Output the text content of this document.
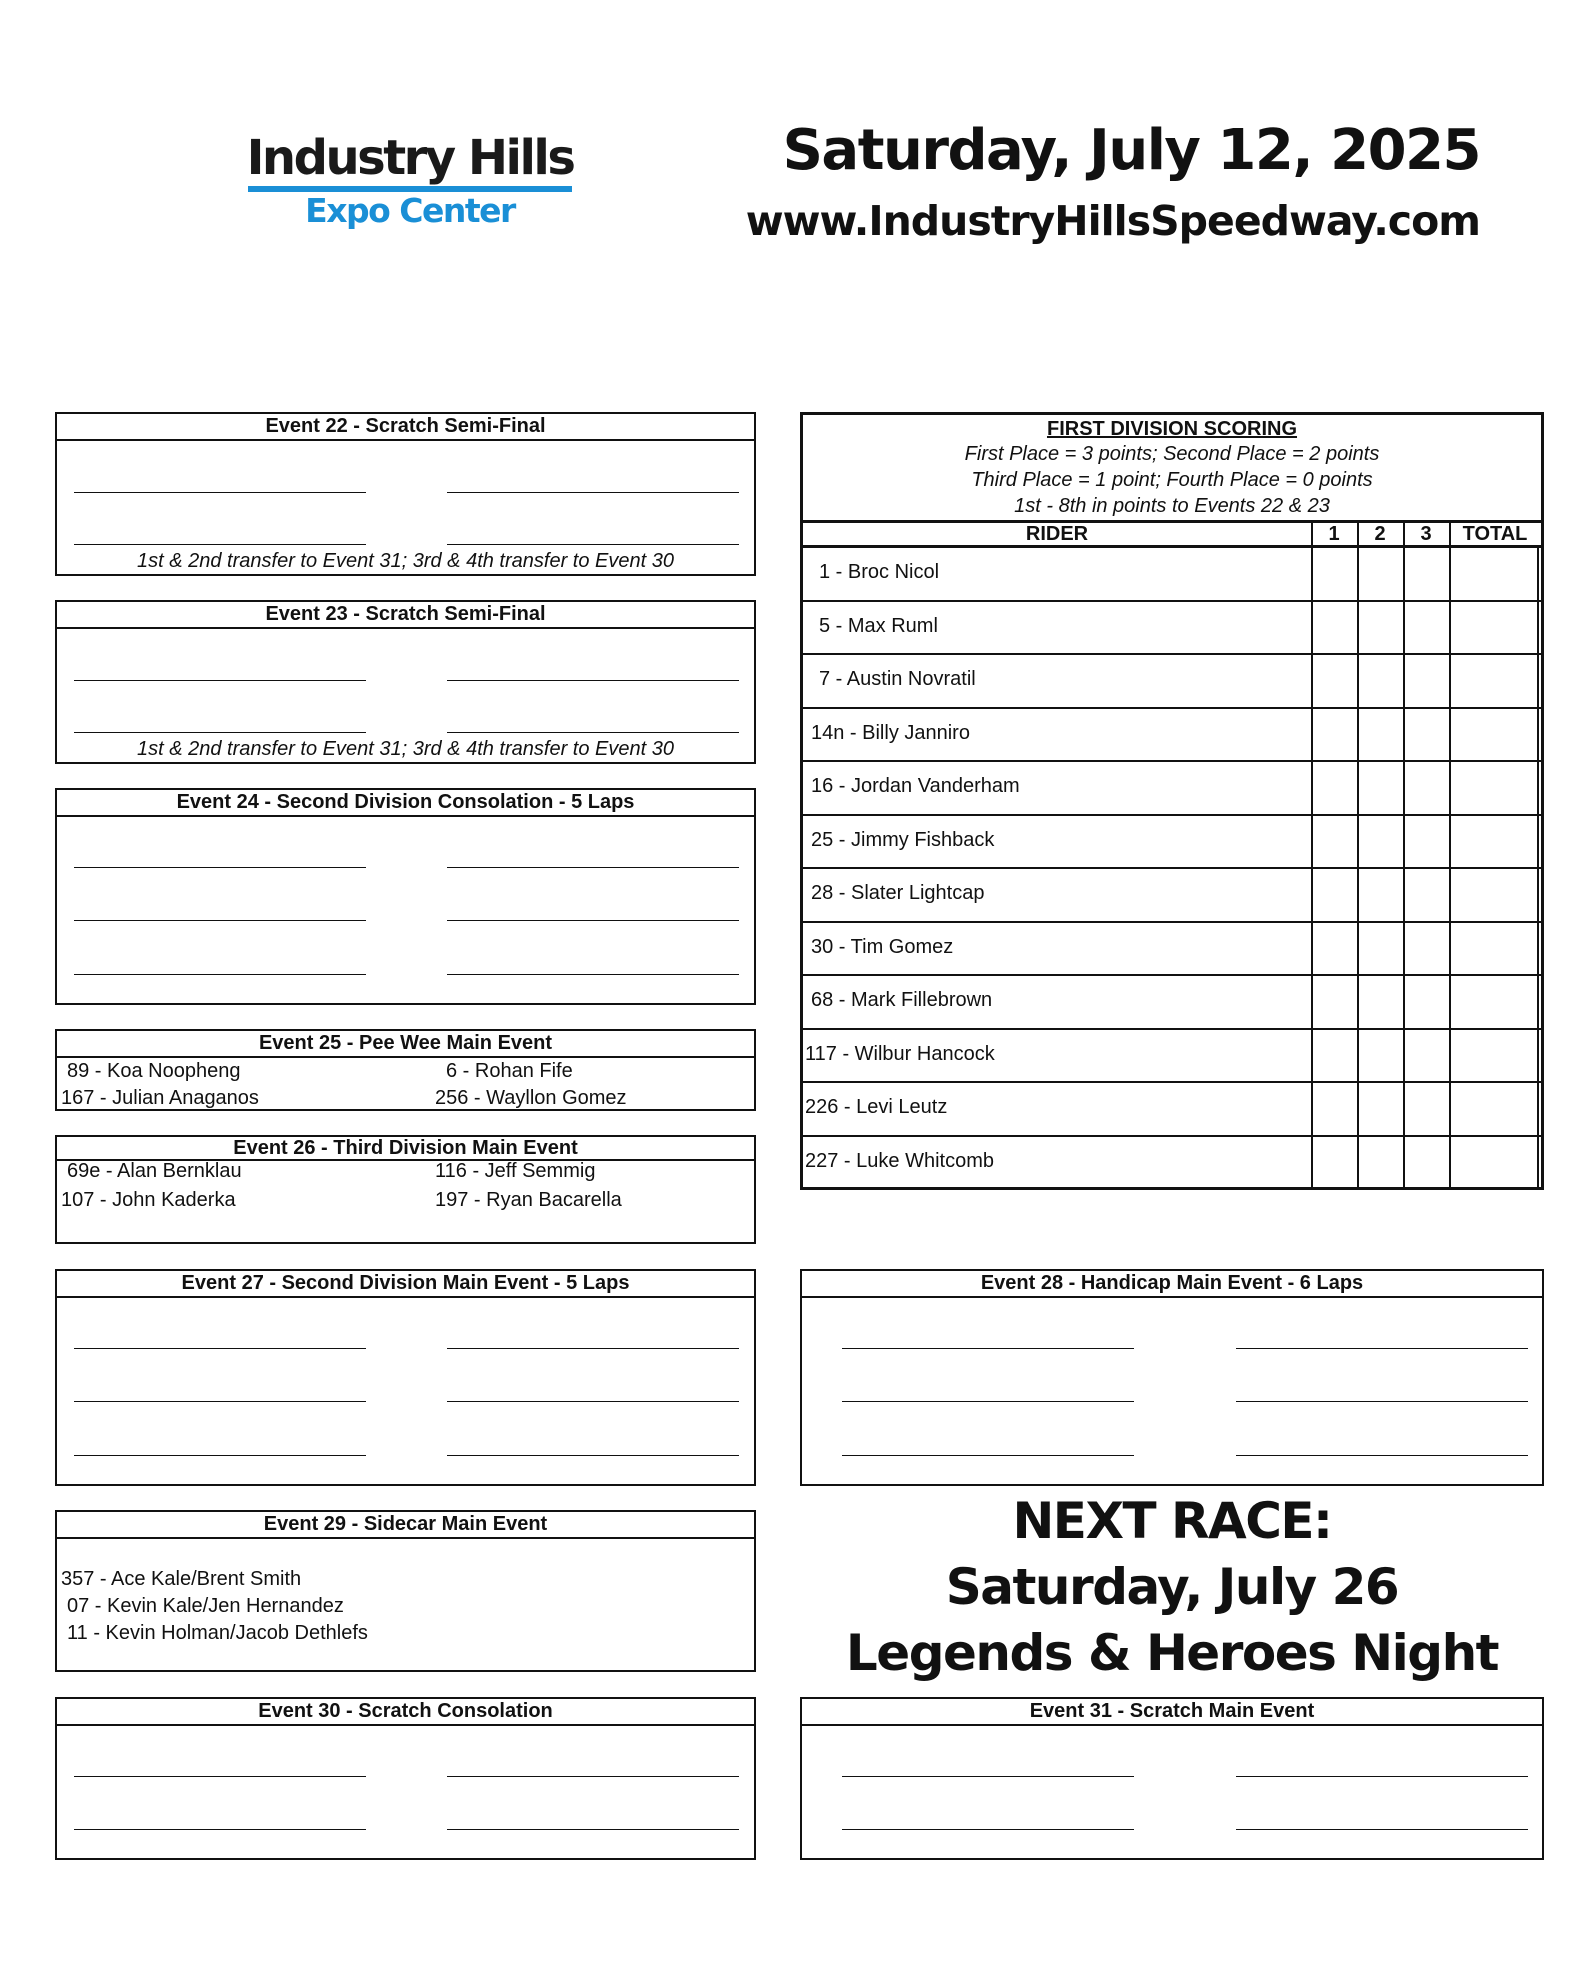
Industry Hills
Expo Center
Saturday, July 12, 2025
www.IndustryHillsSpeedway.com
Event 22 - Scratch Semi-Final
1st & 2nd transfer to Event 31; 3rd & 4th transfer to Event 30
Event 23 - Scratch Semi-Final
1st & 2nd transfer to Event 31; 3rd & 4th transfer to Event 30
Event 24 - Second Division Consolation - 5 Laps
Event 25 - Pee Wee Main Event
89 - Koa Noopheng	6 - Rohan Fife
167 - Julian Anaganos	256 - Wayllon Gomez
Event 26 - Third Division Main Event
69e - Alan Bernklau	116 - Jeff Semmig
107 - John Kaderka	197 - Ryan Bacarella
Event 27 - Second Division Main Event - 5 Laps	Event 28 - Handicap Main Event - 6 Laps
Event 29 - Sidecar Main Event
357 - Ace Kale/Brent Smith
07 - Kevin Kale/Jen Hernandez
11 - Kevin Holman/Jacob Dethlefs
Event 30 - Scratch Consolation	Event 31 - Scratch Main Event
FIRST DIVISION SCORING
First Place = 3 points; Second Place = 2 points
Third Place = 1 point; Fourth Place = 0 points
1st - 8th in points to Events 22 & 23
RIDER	1	2	3	TOTAL
1 - Broc Nicol
5 - Max Ruml
7 - Austin Novratil
14n - Billy Janniro
16 - Jordan Vanderham
25 - Jimmy Fishback
28 - Slater Lightcap
30 - Tim Gomez
68 - Mark Fillebrown
117 - Wilbur Hancock
226 - Levi Leutz
227 - Luke Whitcomb
NEXT RACE:
Saturday, July 26
Legends & Heroes Night
